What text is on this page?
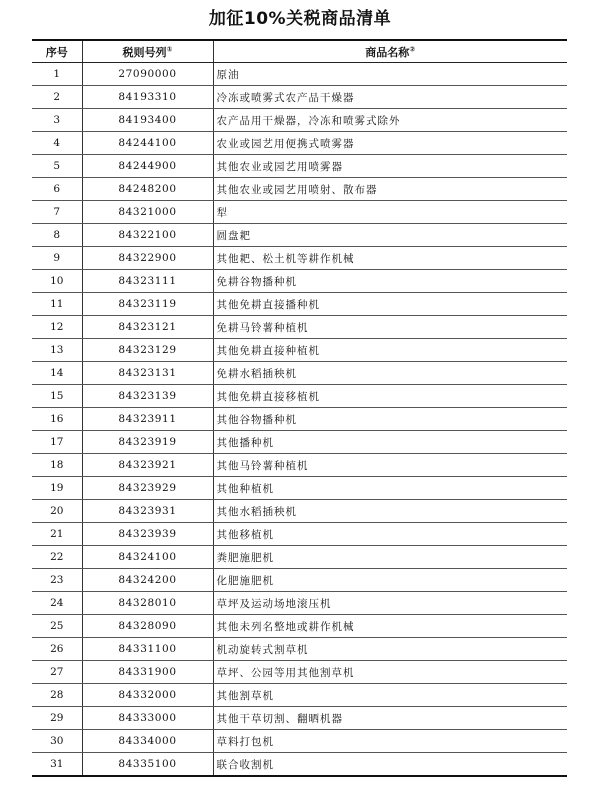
加征10%关税商品清单
序号	税则号列①	商品名称②
1	27090000	原油
2	84193310	冷冻或喷雾式农产品干燥器
3	84193400	农产品用干燥器，冷冻和喷雾式除外
4	84244100	农业或园艺用便携式喷雾器
5	84244900	其他农业或园艺用喷雾器
6	84248200	其他农业或园艺用喷射、散布器
7	84321000	犁
8	84322100	圆盘耙
9	84322900	其他耙、松土机等耕作机械
10	84323111	免耕谷物播种机
11	84323119	其他免耕直接播种机
12	84323121	免耕马铃薯种植机
13	84323129	其他免耕直接种植机
14	84323131	免耕水稻插秧机
15	84323139	其他免耕直接移植机
16	84323911	其他谷物播种机
17	84323919	其他播种机
18	84323921	其他马铃薯种植机
19	84323929	其他种植机
20	84323931	其他水稻插秧机
21	84323939	其他移植机
22	84324100	粪肥施肥机
23	84324200	化肥施肥机
24	84328010	草坪及运动场地滚压机
25	84328090	其他未列名整地或耕作机械
26	84331100	机动旋转式割草机
27	84331900	草坪、公园等用其他割草机
28	84332000	其他割草机
29	84333000	其他干草切割、翻晒机器
30	84334000	草料打包机
31	84335100	联合收割机
